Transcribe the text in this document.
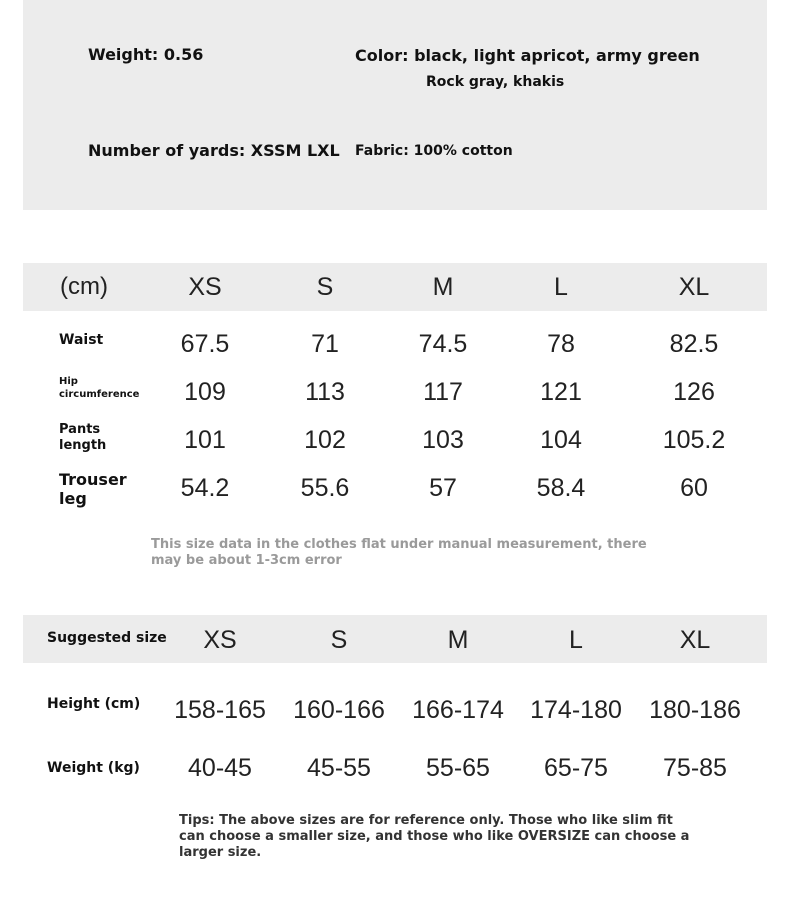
Weight: 0.56	Color: black, light apricot, army green
Rock gray, khakis
Number of yards: XSSM LXL Fabric: 100% cotton
(cm)	XS	S	M	L	XL
Waist	67.5	71	74.5	78	82.5
Hip circumference	109	113	117	121	126
Pants length	101	102	103	104	105.2
Trouser leg	54.2	55.6	57	58.4	60
This size data in the clothes flat under manual measurement, there may be about 1-3cm error
Suggested size XS	S	M	L	XL
Height (cm) 158-165 160-166 166-174 174-180 180-186
Weight (kg) 40-45 45-55 55-65 65-75 75-85
Tips: The above sizes are for reference only. Those who like slim fit can choose a smaller size, and those who like OVERSIZE can choose a larger size.
